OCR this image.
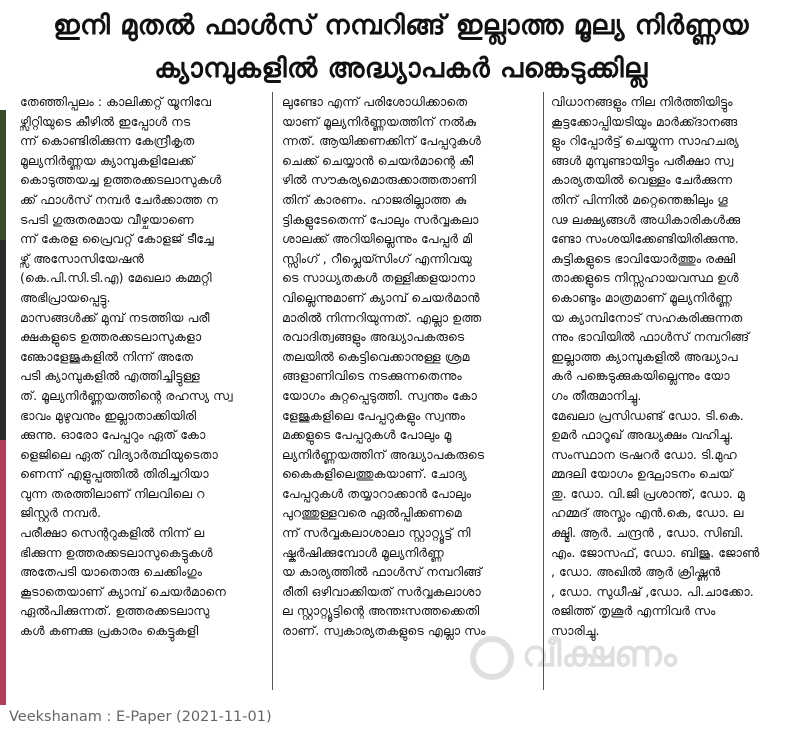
ഇനി മുതൽ ഫാൾസ് നമ്പറിങ്ങ് ഇല്ലാത്ത മൂല്യ നിർണ്ണയ
ക്യാമ്പുകളിൽ അദ്ധ്യാപകർ പങ്കെടുക്കില്ല

തേഞ്ഞിപ്പലം : കാലിക്കറ്റ് യൂനിവേ
ഴ്സിറ്റിയുടെ കീഴിൽ ഇപ്പോൾ നട
ന്ന് കൊണ്ടിരിക്കുന്ന കേന്ദ്രീകൃത
മൂല്യനിർണ്ണയ ക്യാമ്പുകളിലേക്ക്
കൊടുത്തയച്ച ഉത്തരക്കടലാസുകൾ
ക്ക് ഫാൾസ് നമ്പർ ചേർക്കാത്ത ന
ടപടി ഗുരുതരമായ വീഴ്ചയാണെ
ന്ന് കേരള പ്രൈവറ്റ് കോളജ് ടീച്ചേ
ഴ്സ് അസോസിയേഷൻ
(കെ.പി.സി.ടി.എ) മേഖലാ കമ്മറ്റി
അഭിപ്രായപ്പെട്ടു.

മാസങ്ങൾക്ക് മുമ്പ് നടത്തിയ പരീ
ക്ഷകളുടെ ഉത്തരക്കടലാസുകളാ
ണ്കോളേജുകളിൽ നിന്ന് അതേ
പടി ക്യാമ്പുകളിൽ എത്തിച്ചിട്ടുള്ള
ത്. മൂല്യനിർണ്ണയത്തിന്റെ രഹസ്യ സ്വ
ഭാവം മുഴുവനും ഇല്ലാതാക്കിയിരി
ക്കുന്നു. ഓരോ പേപ്പറും ഏത് കോ
ളെജിലെ ഏത് വിദ്യാർത്ഥിയുടെതാ
ണെന്ന് എളുപ്പത്തിൽ തിരിച്ചറിയാ
വുന്ന തരത്തിലാണ് നിലവിലെ റ
ജിസ്റ്റർ നമ്പർ.

പരീക്ഷാ സെന്ററുകളിൽ നിന്ന് ല
ഭിക്കുന്ന ഉത്തരക്കടലാസുകെട്ടുകൾ
അതേപടി യാതൊരു ചെക്കിംഗും
കൂടാതെയാണ് ക്യാമ്പ് ചെയർമാനെ
ഏൽപിക്കുന്നത്. ഉത്തരക്കടലാസു
കൾ കണക്കു പ്രകാരം കെട്ടുകളി

ലുണ്ടോ എന്ന് പരിശോധിക്കാതെ
യാണ് മൂല്യനിർണ്ണയത്തിന് നൽകു
ന്നത്. ആയിക്കണക്കിന് പേപ്പറുകൾ
ചെക്ക് ചെയ്യാൻ ചെയർമാന്റെ കീ
ഴിൽ സൗകര്യമൊരുക്കാത്തതാണി
തിന് കാരണം. ഹാജരില്ലാത്ത കു
ട്ടികളുടേതെന്ന് പോലും സർവ്വകലാ
ശാലക്ക് അറിയില്ലെന്നും പേപ്പർ മി
സ്സിംഗ് , റീപ്ലെയ്സിംഗ് എന്നിവയു
ടെ സാധ്യതകൾ തള്ളിക്കളയാനാ
വില്ലെന്നുമാണ് ക്യാമ്പ് ചെയർമാൻ
മാരിൽ നിന്നറിയുന്നത്. എല്ലാ ഉത്ത
രവാദിത്വങ്ങളും അദ്ധ്യാപകരുടെ
തലയിൽ കെട്ടിവെക്കാനുള്ള ശ്രമ
ങ്ങളാണിവിടെ നടക്കുന്നതെന്നും
യോഗം കുറ്റപ്പെടുത്തി. സ്വന്തം കോ
ളേജുകളിലെ പേപ്പറുകളും സ്വന്തം
മക്കളുടെ പേപ്പറുകൾ പോലും മൂ
ല്യനിർണ്ണയത്തിന് അദ്ധ്യാപകരുടെ
കൈകളിലെത്തുകയാണ്. ചോദ്യ
പേപ്പറുകൾ തയ്യാറാക്കാൻ പോലും
പുറത്തുള്ളവരെ ഏൽപ്പിക്കണമെ
ന്ന് സർവ്വകലാശാലാ സ്റ്റാറ്റ്യൂട്ട് നി
ഷ്കർഷിക്കുമ്പോൾ മൂല്യനിർണ്ണ
യ കാര്യത്തിൽ ഫാൾസ് നമ്പറിങ്ങ്
രീതി ഒഴിവാക്കിയത് സർവ്വകലാശാ
ല സ്റ്റാറ്റ്യൂട്ടിന്റെ അന്തഃസത്തക്കെതി
രാണ്. സ്വകാര്യതകളുടെ എല്ലാ സം

വിധാനങ്ങളും നില നിർത്തിയിട്ടും
കൂട്ടക്കോപ്പിയടിയും മാർക്ക്ദാനങ്ങ
ളും റിപ്പോർട്ട് ചെയ്യുന്ന സാഹചര്യ
ങ്ങൾ മുമ്പുണ്ടായിട്ടും പരീക്ഷാ സ്വ
കാര്യതയിൽ വെള്ളം ചേർക്കുന്ന
തിന് പിന്നിൽ മറ്റെന്തെങ്കിലും ഗൂ
ഢ ലക്ഷ്യങ്ങൾ അധികാരികൾക്കു
ണ്ടോ സംശയിക്കേണ്ടിയിരിക്കുന്നു.

കുട്ടികളുടെ ഭാവിയോർത്തും രക്ഷി
താക്കളുടെ നിസ്സഹായവസ്ഥ ഉൾ
കൊണ്ടും മാത്രമാണ് മൂല്യനിർണ്ണ
യ ക്യാമ്പിനോട് സഹകരിക്കുന്നത
ന്നും ഭാവിയിൽ ഫാൾസ് നമ്പറിങ്ങ്
ഇല്ലാത്ത ക്യാമ്പുകളിൽ അദ്ധ്യാപ
കർ പങ്കെടുക്കുകയില്ലെന്നും യോ
ഗം തീരുമാനിച്ചു.

മേഖലാ പ്രസിഡണ്ട് ഡോ. ടി.കെ.
ഉമർ ഫാറൂഖ് അദ്ധ്യക്ഷം വഹിച്ചു.
സംസ്ഥാന ട്രഷറർ ഡോ. ടി.മുഹ
മ്മദലി യോഗം ഉദ്ഘാടനം ചെയ്
തു. ഡോ. വി.ജി പ്രശാന്ത്, ഡോ. മു
ഹമ്മദ് അസ്ലം എൻ.കെ, ഡോ. ല
ക്ഷ്മി. ആർ. ചന്ദ്രൻ , ഡോ. സിബി.
എം. ജോസഫ്, ഡോ. ബിജു. ജോൺ
, ഡോ. അഖിൽ ആർ ക്രിഷ്ണൻ
, ഡോ. സുധീഷ് ,ഡോ. പി.ചാക്കോ.
രജിത്ത് തൃശൂർ എന്നിവർ സം
സാരിച്ചു.

വീക്ഷണം
Veekshanam : E-Paper (2021-11-01)
